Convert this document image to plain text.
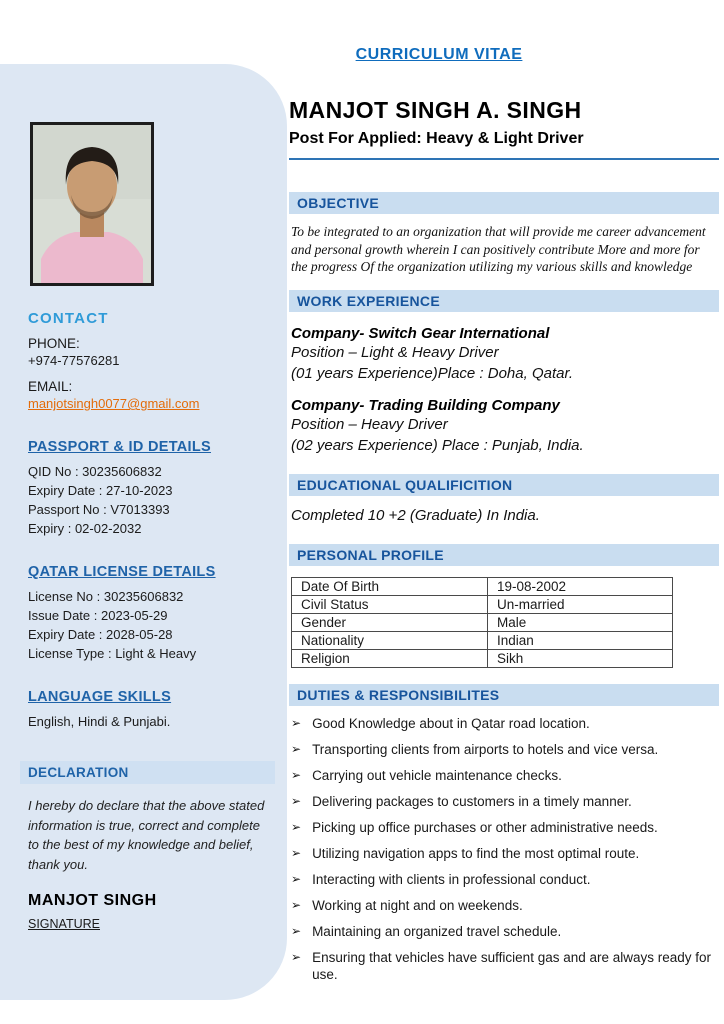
CONTACT
PHONE:
+974-77576281
EMAIL:
manjotsingh0077@gmail.com
PASSPORT & ID DETAILS
QID No : 30235606832
Expiry Date : 27-10-2023
Passport No : V7013393
Expiry : 02-02-2032
QATAR LICENSE DETAILS
License No : 30235606832
Issue Date : 2023-05-29
Expiry Date : 2028-05-28
License Type : Light & Heavy
LANGUAGE SKILLS
English, Hindi & Punjabi.
DECLARATION
I hereby do declare that the above stated information is true, correct and complete to the best of my knowledge and belief, thank you.
MANJOT SINGH
SIGNATURE
CURRICULUM VITAE
MANJOT SINGH A. SINGH
Post For Applied: Heavy & Light Driver
OBJECTIVE
To be integrated to an organization that will provide me career advancement and personal growth wherein I can positively contribute More and more for the progress Of the organization utilizing my various skills and knowledge
WORK EXPERIENCE
Company- Switch Gear International
Position – Light & Heavy Driver
(01 years Experience)Place : Doha, Qatar.
Company- Trading Building Company
Position – Heavy Driver
(02 years Experience) Place : Punjab, India.
EDUCATIONAL QUALIFICITION
Completed 10 +2 (Graduate) In India.
PERSONAL PROFILE
Date Of Birth	19-08-2002
Civil Status	Un-married
Gender	Male
Nationality	Indian
Religion	Sikh
DUTIES & RESPONSIBILITES
➢ Good Knowledge about in Qatar road location.
➢ Transporting clients from airports to hotels and vice versa.
➢ Carrying out vehicle maintenance checks.
➢ Delivering packages to customers in a timely manner.
➢ Picking up office purchases or other administrative needs.
➢ Utilizing navigation apps to find the most optimal route.
➢ Interacting with clients in professional conduct.
➢ Working at night and on weekends.
➢ Maintaining an organized travel schedule.
➢ Ensuring that vehicles have sufficient gas and are always ready for use.
